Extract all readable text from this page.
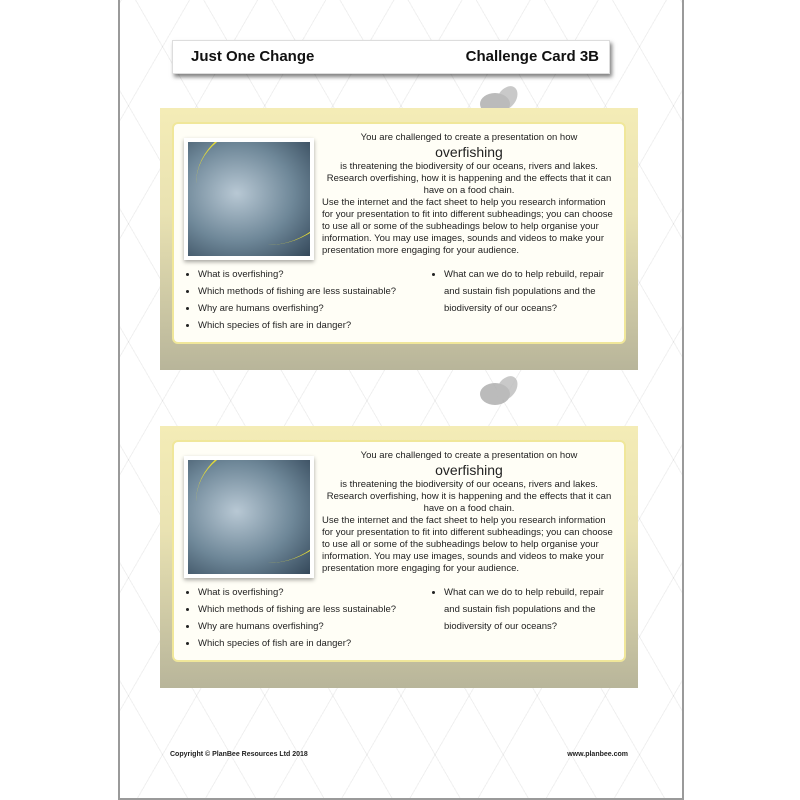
Just One Change	Challenge Card 3B
You are challenged to create a presentation on how
overfishing
is threatening the biodiversity of our oceans, rivers and lakes.
Research overfishing, how it is happening and the effects that it can have on a food chain.
Use the internet and the fact sheet to help you research information for your presentation to fit into different subheadings; you can choose to use all or some of the subheadings below to help organise your information. You may use images, sounds and videos to make your presentation more engaging for your audience.
• What is overfishing?
• Which methods of fishing are less sustainable?
• Why are humans overfishing?
• Which species of fish are in danger?
• What can we do to help rebuild, repair and sustain fish populations and the biodiversity of our oceans?
You are challenged to create a presentation on how
overfishing
is threatening the biodiversity of our oceans, rivers and lakes.
Research overfishing, how it is happening and the effects that it can have on a food chain.
Use the internet and the fact sheet to help you research information for your presentation to fit into different subheadings; you can choose to use all or some of the subheadings below to help organise your information. You may use images, sounds and videos to make your presentation more engaging for your audience.
• What is overfishing?
• Which methods of fishing are less sustainable?
• Why are humans overfishing?
• Which species of fish are in danger?
• What can we do to help rebuild, repair and sustain fish populations and the biodiversity of our oceans?
Copyright © PlanBee Resources Ltd 2018	www.planbee.com
